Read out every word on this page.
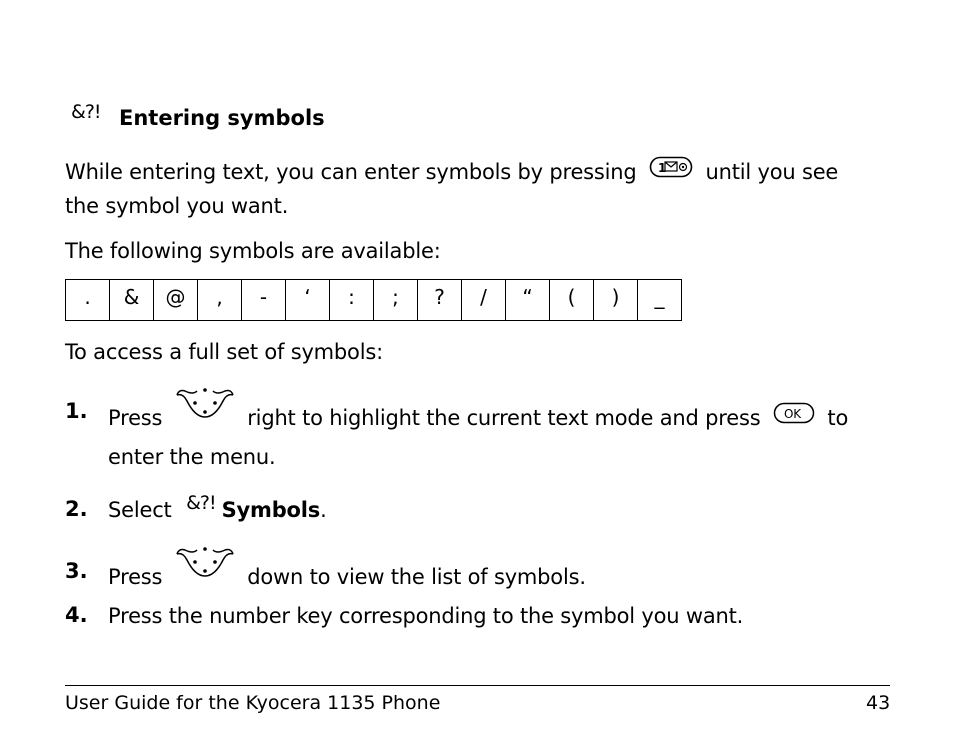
&?! Entering symbols
While entering text, you can enter symbols by pressing 1 until you see
the symbol you want.
The following symbols are available:
.	&	@	,	-	‘	:	;	?	/	“	(	)	_
To access a full set of symbols:
1. Press	right to highlight the current text mode and press OK to
enter the menu.
2. Select &?! Symbols.
3. Press	down to view the list of symbols.
4. Press the number key corresponding to the symbol you want.
User Guide for the Kyocera 1135 Phone	43
